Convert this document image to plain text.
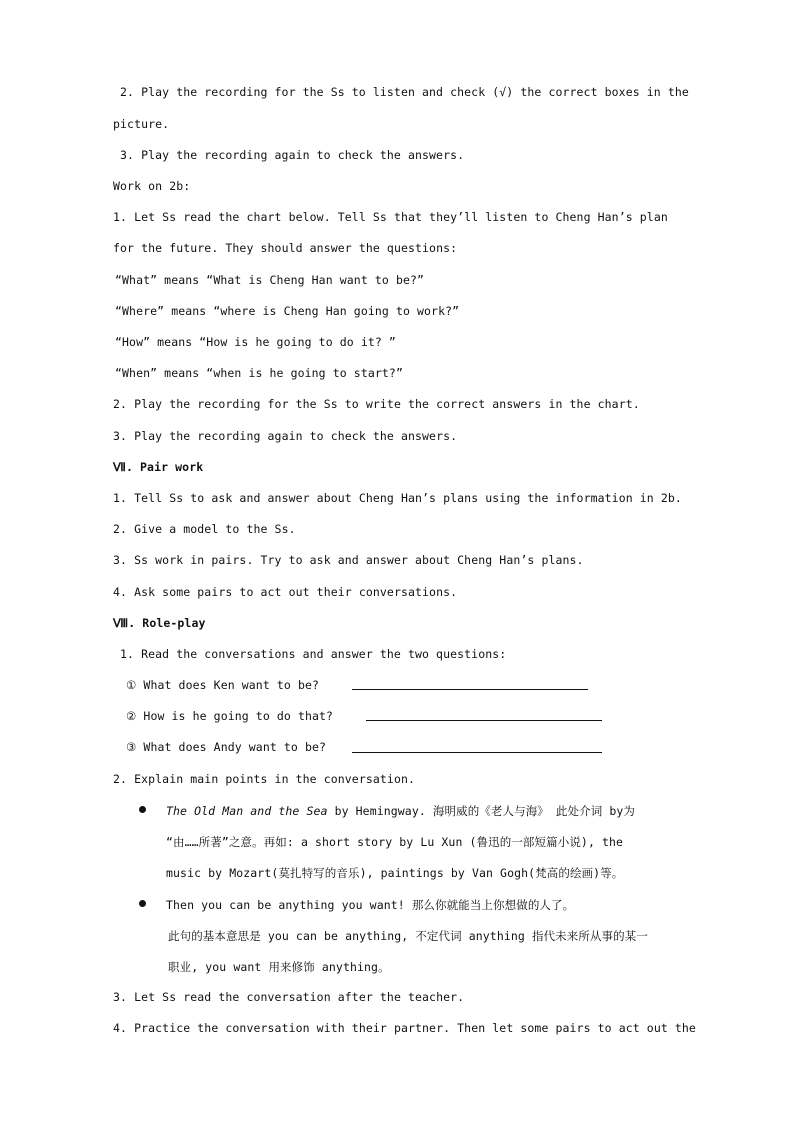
2. Play the recording for the Ss to listen and check (√) the correct boxes in the
picture.
3. Play the recording again to check the answers.
Work on 2b:
1. Let Ss read the chart below. Tell Ss that they’ll listen to Cheng Han’s plan
for the future. They should answer the questions:
“What” means “What is Cheng Han want to be?”
“Where” means “where is Cheng Han going to work?”
“How” means “How is he going to do it? ”
“When” means “when is he going to start?”
2. Play the recording for the Ss to write the correct answers in the chart.
3. Play the recording again to check the answers.
Ⅶ. Pair work
1. Tell Ss to ask and answer about Cheng Han’s plans using the information in 2b.
2. Give a model to the Ss.
3. Ss work in pairs. Try to ask and answer about Cheng Han’s plans.
4. Ask some pairs to act out their conversations.
Ⅷ. Role-play
1. Read the conversations and answer the two questions:
① What does Ken want to be?
② How is he going to do that?
③ What does Andy want to be?
2. Explain main points in the conversation.
The Old Man and the Sea by Hemingway. 海明威的《老人与海》 此处介词 by为
“由……所著”之意。再如: a short story by Lu Xun (鲁迅的一部短篇小说), the
music by Mozart(莫扎特写的音乐), paintings by Van Gogh(梵高的绘画)等。
Then you can be anything you want! 那么你就能当上你想做的人了。
此句的基本意思是 you can be anything, 不定代词 anything 指代未来所从事的某一
职业, you want 用来修饰 anything。
3. Let Ss read the conversation after the teacher.
4. Practice the conversation with their partner. Then let some pairs to act out the
